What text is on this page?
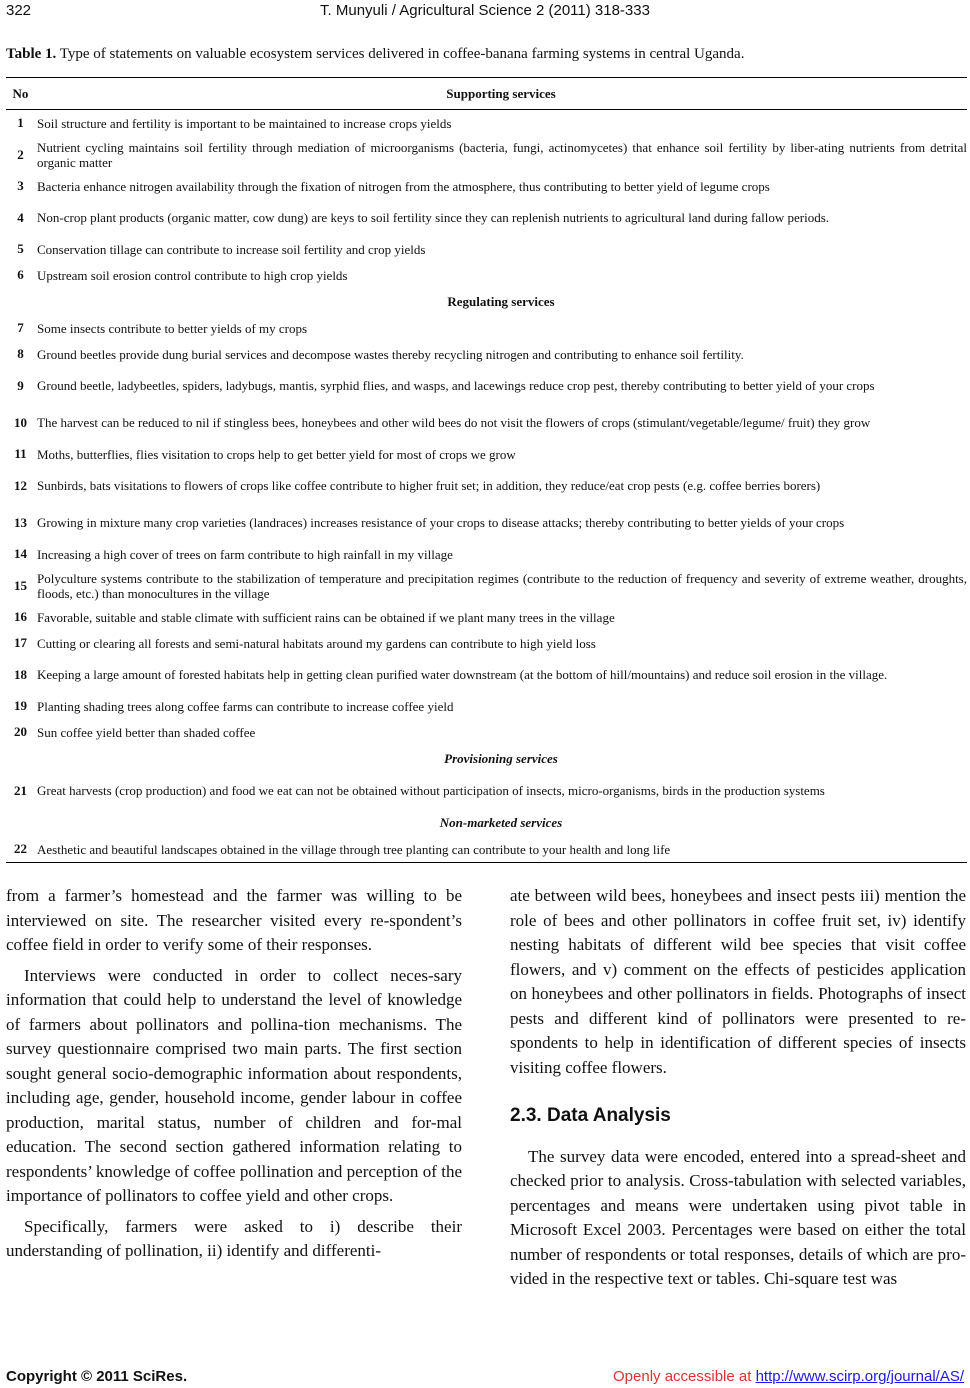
322	T. Munyuli / Agricultural Science 2 (2011) 318-333
Table 1. Type of statements on valuable ecosystem services delivered in coffee-banana farming systems in central Uganda.
No	Supporting services
1	Soil structure and fertility is important to be maintained to increase crops yields
2	Nutrient cycling maintains soil fertility through mediation of microorganisms (bacteria, fungi, actinomycetes) that enhance soil fertility by liber-ating nutrients from detrital organic matter
3	Bacteria enhance nitrogen availability through the fixation of nitrogen from the atmosphere, thus contributing to better yield of legume crops
4	Non-crop plant products (organic matter, cow dung) are keys to soil fertility since they can replenish nutrients to agricultural land during fallow periods.
5	Conservation tillage can contribute to increase soil fertility and crop yields
6	Upstream soil erosion control contribute to high crop yields
	Regulating services
7	Some insects contribute to better yields of my crops
8	Ground beetles provide dung burial services and decompose wastes thereby recycling nitrogen and contributing to enhance soil fertility.
9	Ground beetle, ladybeetles, spiders, ladybugs, mantis, syrphid flies, and wasps, and lacewings reduce crop pest, thereby contributing to better yield of your crops
10	The harvest can be reduced to nil if stingless bees, honeybees and other wild bees do not visit the flowers of crops (stimulant/vegetable/legume/ fruit) they grow
11	Moths, butterflies, flies visitation to crops help to get better yield for most of crops we grow
12	Sunbirds, bats visitations to flowers of crops like coffee contribute to higher fruit set; in addition, they reduce/eat crop pests (e.g. coffee berries borers)
13	Growing in mixture many crop varieties (landraces) increases resistance of your crops to disease attacks; thereby contributing to better yields of your crops
14	Increasing a high cover of trees on farm contribute to high rainfall in my village
15	Polyculture systems contribute to the stabilization of temperature and precipitation regimes (contribute to the reduction of frequency and severity of extreme weather, droughts, floods, etc.) than monocultures in the village
16	Favorable, suitable and stable climate with sufficient rains can be obtained if we plant many trees in the village
17	Cutting or clearing all forests and semi-natural habitats around my gardens can contribute to high yield loss
18	Keeping a large amount of forested habitats help in getting clean purified water downstream (at the bottom of hill/mountains) and reduce soil erosion in the village.
19	Planting shading trees along coffee farms can contribute to increase coffee yield
20	Sun coffee yield better than shaded coffee
	Provisioning services
21	Great harvests (crop production) and food we eat can not be obtained without participation of insects, micro-organisms, birds in the production systems
	Non-marketed services
22	Aesthetic and beautiful landscapes obtained in the village through tree planting can contribute to your health and long life

from a farmer’s homestead and the farmer was willing to be interviewed on site. The researcher visited every re-spondent’s coffee field in order to verify some of their responses.

Interviews were conducted in order to collect neces-sary information that could help to understand the level of knowledge of farmers about pollinators and pollina-tion mechanisms. The survey questionnaire comprised two main parts. The first section sought general socio-demographic information about respondents, including age, gender, household income, gender labour in coffee production, marital status, number of children and for-mal education. The second section gathered information relating to respondents’ knowledge of coffee pollination and perception of the importance of pollinators to coffee yield and other crops.

Specifically, farmers were asked to i) describe their understanding of pollination, ii) identify and differenti-

ate between wild bees, honeybees and insect pests iii) mention the role of bees and other pollinators in coffee fruit set, iv) identify nesting habitats of different wild bee species that visit coffee flowers, and v) comment on the effects of pesticides application on honeybees and other pollinators in fields. Photographs of insect pests and different kind of pollinators were presented to re-spondents to help in identification of different species of insects visiting coffee flowers.

2.3. Data Analysis

The survey data were encoded, entered into a spread-sheet and checked prior to analysis. Cross-tabulation with selected variables, percentages and means were undertaken using pivot table in Microsoft Excel 2003. Percentages were based on either the total number of respondents or total responses, details of which are pro-vided in the respective text or tables. Chi-square test was

Copyright © 2011 SciRes.	Openly accessible at http://www.scirp.org/journal/AS/
